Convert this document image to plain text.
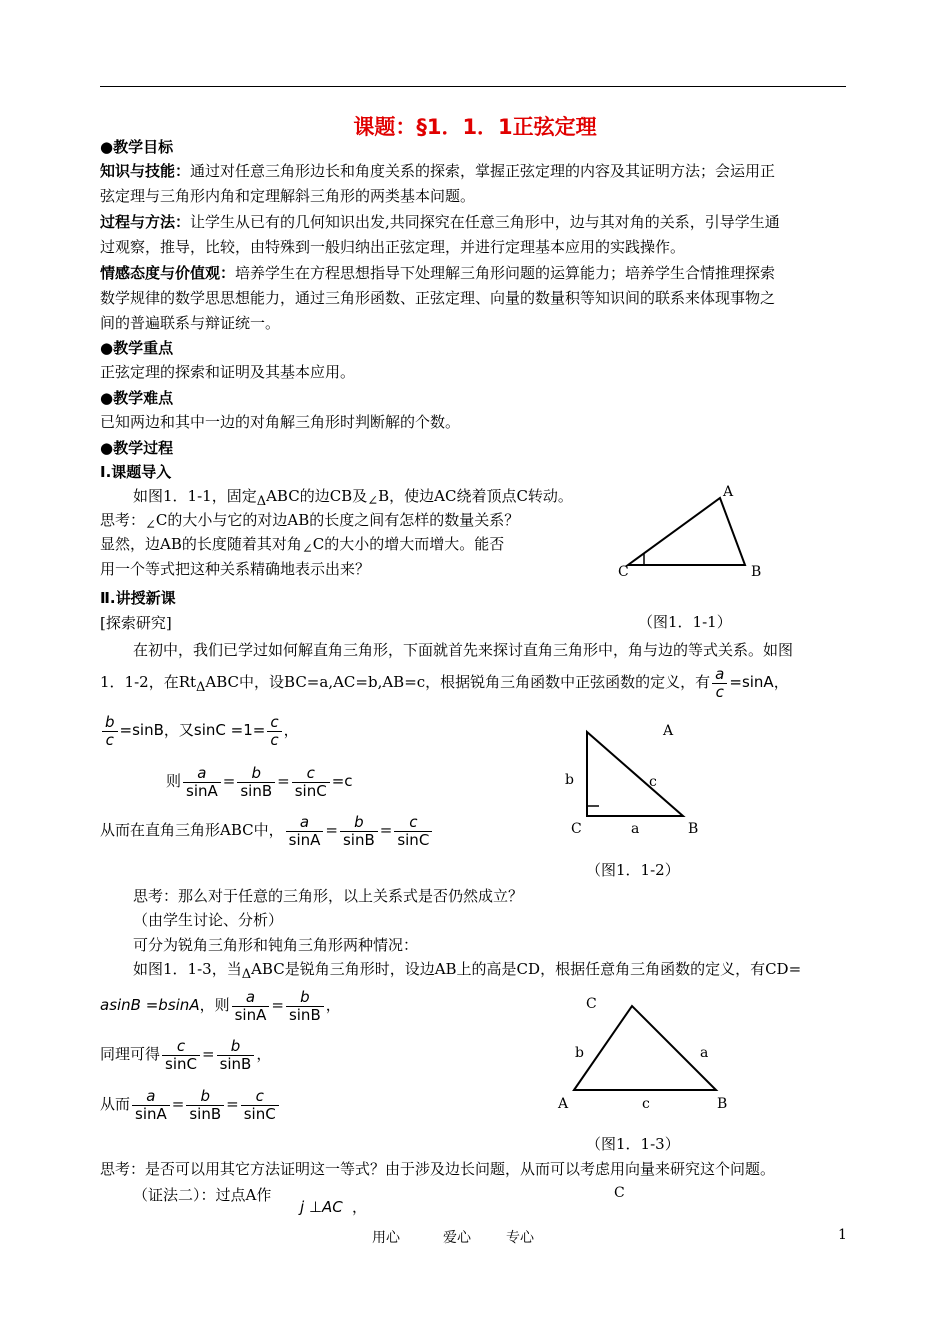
课题：§1．1．1正弦定理
●教学目标
知识与技能：通过对任意三角形边长和角度关系的探索，掌握正弦定理的内容及其证明方法；会运用正
弦定理与三角形内角和定理解斜三角形的两类基本问题。
过程与方法：让学生从已有的几何知识出发,共同探究在任意三角形中，边与其对角的关系，引导学生通
过观察，推导，比较，由特殊到一般归纳出正弦定理，并进行定理基本应用的实践操作。
情感态度与价值观：培养学生在方程思想指导下处理解三角形问题的运算能力；培养学生合情推理探索
数学规律的数学思思想能力，通过三角形函数、正弦定理、向量的数量积等知识间的联系来体现事物之
间的普遍联系与辩证统一。
●教学重点
正弦定理的探索和证明及其基本应用。
●教学难点
已知两边和其中一边的对角解三角形时判断解的个数。
●教学过程
Ⅰ.课题导入
如图1．1-1，固定$_\Delta$ABC的边CB及$_\angle$B，使边AC绕着顶点C转动。
思考：$_\angle$C的大小与它的对边AB的长度之间有怎样的数量关系？
显然，边AB的长度随着其对角$_\angle$C的大小的增大而增大。能否
用一个等式把这种关系精确地表示出来？
A
C	B
Ⅱ.讲授新课
[探索研究]	（图1．1-1）
在初中，我们已学过如何解直角三角形，下面就首先来探讨直角三角形中，角与边的等式关系。如图
1．1-2，在$Rt_\Delta ABC$中，设BC=a,AC=b,AB=c，根据锐角三角函数中正弦函数的定义，有 $\frac{a}{c} =\sin A$，
$\frac{b}{c} =\sin B$，又$\sin C =1= \frac{c}{c}$ ，
则 $\frac{a}{\sin A} = \frac{b}{\sin B} = \frac{c}{\sin C} =c$
从而在直角三角形ABC中， $\frac{a}{\sin A} = \frac{b}{\sin B} = \frac{c}{\sin C}$
A
b	c
C	a	B
（图1．1-2）
思考：那么对于任意的三角形，以上关系式是否仍然成立？
（由学生讨论、分析）
可分为锐角三角形和钝角三角形两种情况：
如图1．1-3，当$_\Delta$ABC是锐角三角形时，设边AB上的高是CD，根据任意角三角函数的定义，有CD=
asinB =bsinA，则 $\frac{a}{\sin A} = \frac{b}{\sin B}$ ，
同理可得 $\frac{c}{\sin C} = \frac{b}{\sin B}$ ，
从而 $\frac{a}{\sin A} = \frac{b}{\sin B} = \frac{c}{\sin C}$
C
b	a
A	c	B
（图1．1-3）
思考：是否可以用其它方法证明这一等式？由于涉及边长问题，从而可以考虑用向量来研究这个问题。
（证法二）：过点A作
j ⊥AC ，
C
用心	爱心	专心	1
